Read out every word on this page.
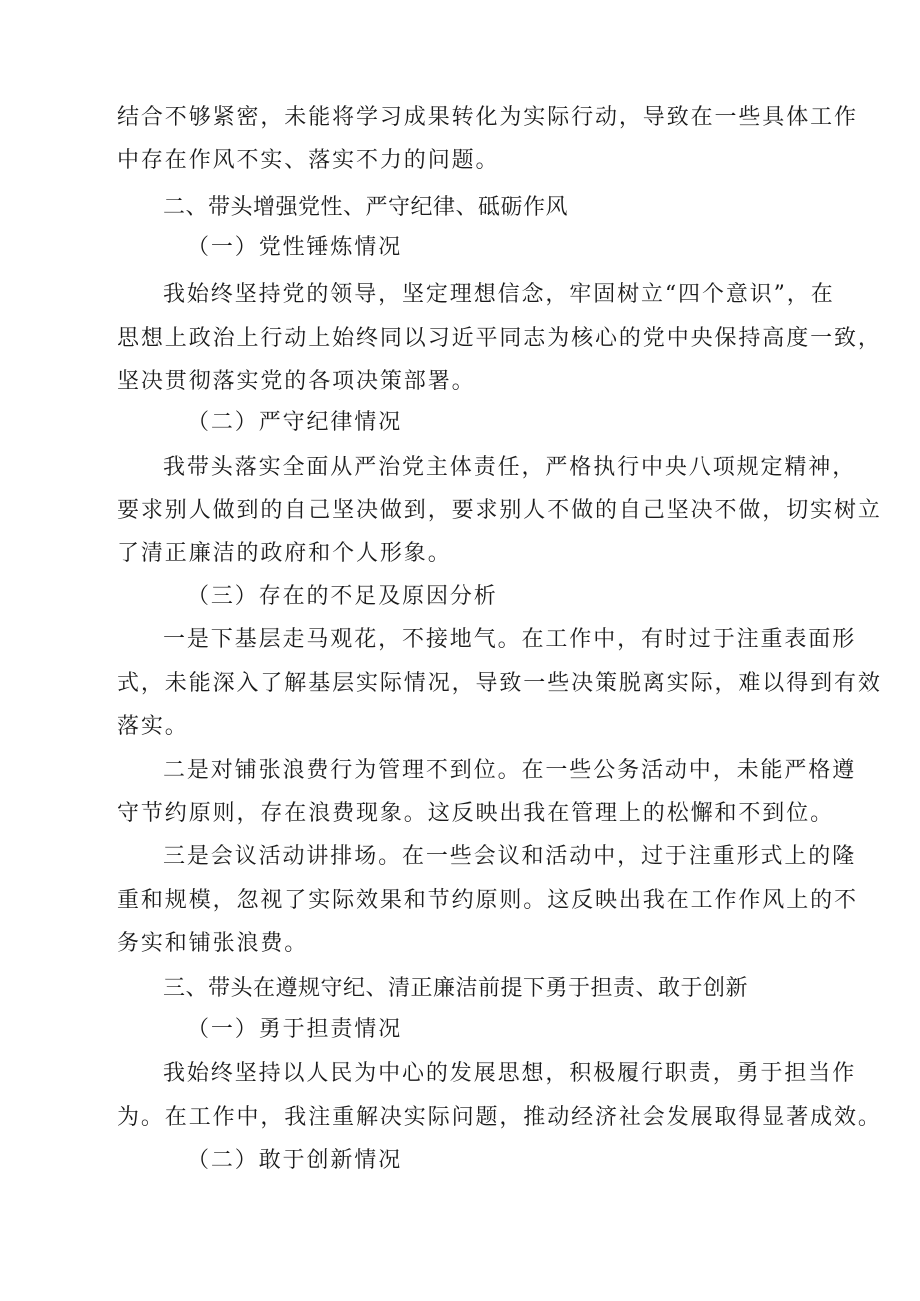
结合不够紧密，未能将学习成果转化为实际行动，导致在一些具体工作
中存在作风不实、落实不力的问题。
二、带头增强党性、严守纪律、砥砺作风
（一）党性锤炼情况
我始终坚持党的领导，坚定理想信念，牢固树立“四个意识”，在
思想上政治上行动上始终同以习近平同志为核心的党中央保持高度一致，
坚决贯彻落实党的各项决策部署。
（二）严守纪律情况
我带头落实全面从严治党主体责任，严格执行中央八项规定精神，
要求别人做到的自己坚决做到，要求别人不做的自己坚决不做，切实树立
了清正廉洁的政府和个人形象。
（三）存在的不足及原因分析
一是下基层走马观花，不接地气。在工作中，有时过于注重表面形
式，未能深入了解基层实际情况，导致一些决策脱离实际，难以得到有效
落实。
二是对铺张浪费行为管理不到位。在一些公务活动中，未能严格遵
守节约原则，存在浪费现象。这反映出我在管理上的松懈和不到位。
三是会议活动讲排场。在一些会议和活动中，过于注重形式上的隆
重和规模，忽视了实际效果和节约原则。这反映出我在工作作风上的不
务实和铺张浪费。
三、带头在遵规守纪、清正廉洁前提下勇于担责、敢于创新
（一）勇于担责情况
我始终坚持以人民为中心的发展思想，积极履行职责，勇于担当作
为。在工作中，我注重解决实际问题，推动经济社会发展取得显著成效。
（二）敢于创新情况
